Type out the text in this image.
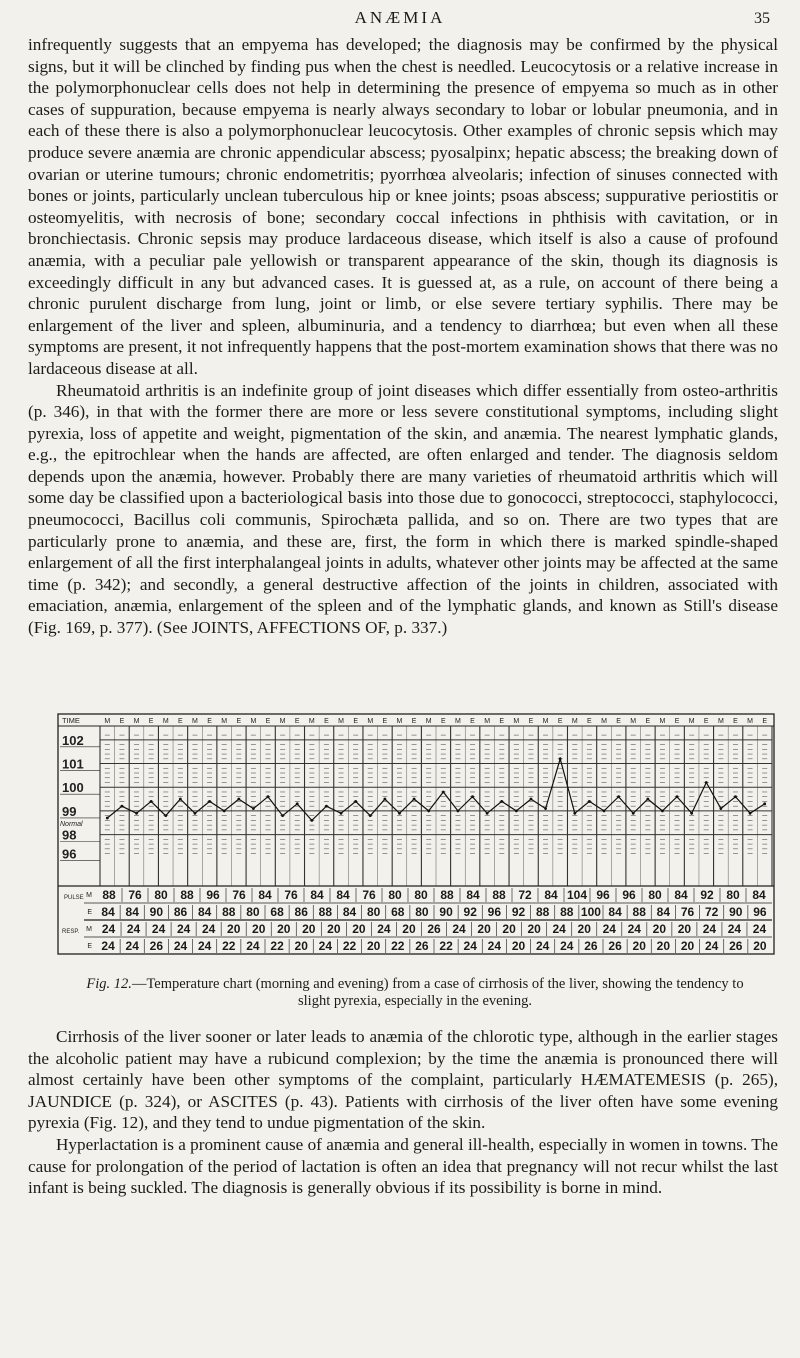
ANÆMIA	35

infrequently suggests that an empyema has developed; the diagnosis may be confirmed by the physical signs, but it will be clinched by finding pus when the chest is needled. Leucocytosis or a relative increase in the polymorphonuclear cells does not help in determining the presence of empyema so much as in other cases of suppuration, because empyema is nearly always secondary to lobar or lobular pneumonia, and in each of these there is also a polymorphonuclear leucocytosis. Other examples of chronic sepsis which may produce severe anæmia are chronic appendicular abscess; pyosalpinx; hepatic abscess; the breaking down of ovarian or uterine tumours; chronic endometritis; pyorrhœa alveolaris; infection of sinuses connected with bones or joints, particularly unclean tuberculous hip or knee joints; psoas abscess; suppurative periostitis or osteomyelitis, with necrosis of bone; secondary coccal infections in phthisis with cavitation, or in bronchiectasis. Chronic sepsis may produce lardaceous disease, which itself is also a cause of profound anæmia, with a peculiar pale yellowish or transparent appearance of the skin, though its diagnosis is exceedingly difficult in any but advanced cases. It is guessed at, as a rule, on account of there being a chronic purulent discharge from lung, joint or limb, or else severe tertiary syphilis. There may be enlargement of the liver and spleen, albuminuria, and a tendency to diarrhœa; but even when all these symptoms are present, it not infrequently happens that the post-mortem examination shows that there was no lardaceous disease at all.

Rheumatoid arthritis is an indefinite group of joint diseases which differ essentially from osteo-arthritis (p. 346), in that with the former there are more or less severe constitutional symptoms, including slight pyrexia, loss of appetite and weight, pigmentation of the skin, and anæmia. The nearest lymphatic glands, e.g., the epitrochlear when the hands are affected, are often enlarged and tender. The diagnosis seldom depends upon the anæmia, however. Probably there are many varieties of rheumatoid arthritis which will some day be classified upon a bacteriological basis into those due to gonococci, streptococci, staphylococci, pneumococci, Bacillus coli communis, Spirochæta pallida, and so on. There are two types that are particularly prone to anæmia, and these are, first, the form in which there is marked spindle-shaped enlargement of all the first interphalangeal joints in adults, whatever other joints may be affected at the same time (p. 342); and secondly, a general destructive affection of the joints in children, associated with emaciation, anæmia, enlargement of the spleen and of the lymphatic glands, and known as Still's disease (Fig. 169, p. 377). (See JOINTS, AFFECTIONS OF, p. 337.)

TIME	M E M E M E M E M E M E M E M E M E M E M E M E M E M E M E M E M E M E M E M E M E M E M E
102
101
100
99
98
96
Normal
M 88 76 80 88 96 76 84 76 84 84 76 80 80 88 84 88 72 84 104 96 96 80 84 92 80 84
E 84 84 90 86 84 88 80 68 86 88 84 80 68 80 90 92 96 92 88 88 100 84 88 84 76 72 90 96
M 24 24 24 24 24 20 20 20 20 20 20 24 20 26 24 20 20 20 24 20 24 24 20 20 24 24 24
E 24 24 26 24 24 22 24 22 20 24 22 20 22 26 22 24 24 20 24 24 26 26 20 20 20 24 26 20
PULSE
RESP.
Fig. 12.—Temperature chart (morning and evening) from a case of cirrhosis of the liver, showing the tendency to slight pyrexia, especially in the evening.

Cirrhosis of the liver sooner or later leads to anæmia of the chlorotic type, although in the earlier stages the alcoholic patient may have a rubicund complexion; by the time the anæmia is pronounced there will almost certainly have been other symptoms of the complaint, particularly HÆMATEMESIS (p. 265), JAUNDICE (p. 324), or ASCITES (p. 43). Patients with cirrhosis of the liver often have some evening pyrexia (Fig. 12), and they tend to undue pigmentation of the skin.

Hyperlactation is a prominent cause of anæmia and general ill-health, especially in women in towns. The cause for prolongation of the period of lactation is often an idea that pregnancy will not recur whilst the last infant is being suckled. The diagnosis is generally obvious if its possibility is borne in mind.
